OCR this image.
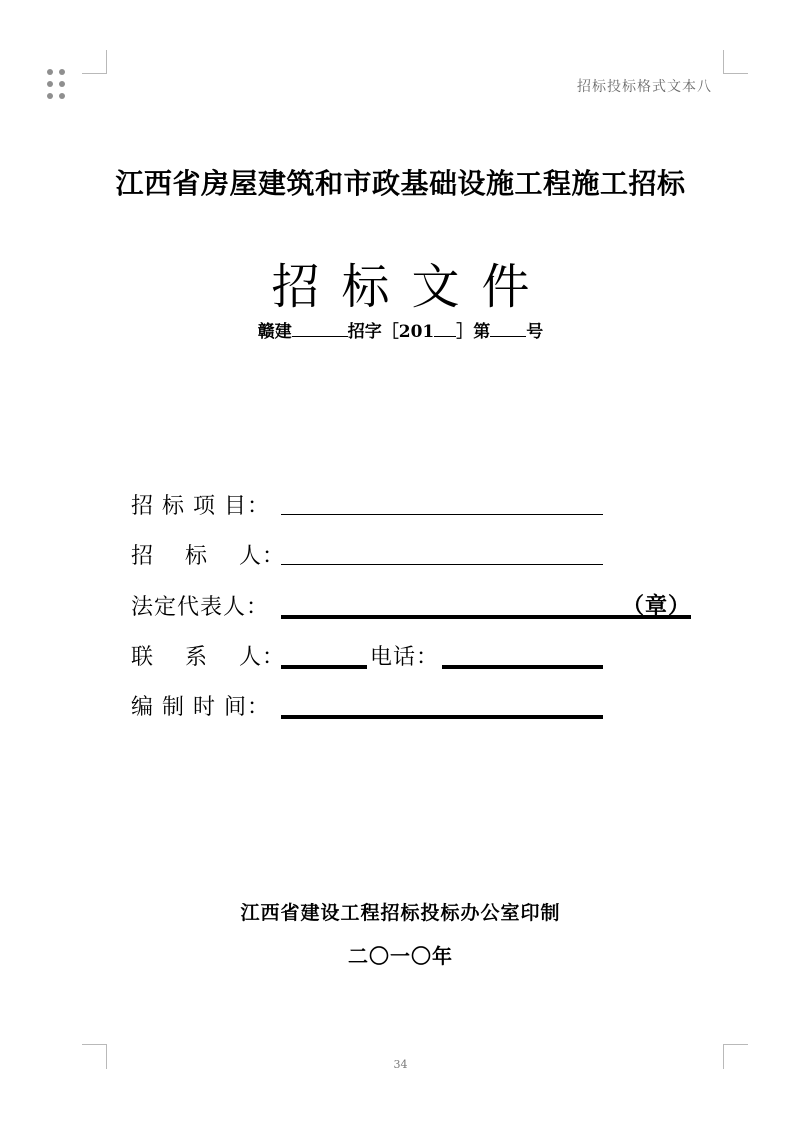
招标投标格式文本八
江西省房屋建筑和市政基础设施工程施工招标
招标文件
赣建	招字［201 ］第 号
招 标 项 目：
招　 标 　人：
法定代表人：	（章）
联　 系 　人：	电话：
编 制 时 间：
江西省建设工程招标投标办公室印制
二〇一〇年
34
